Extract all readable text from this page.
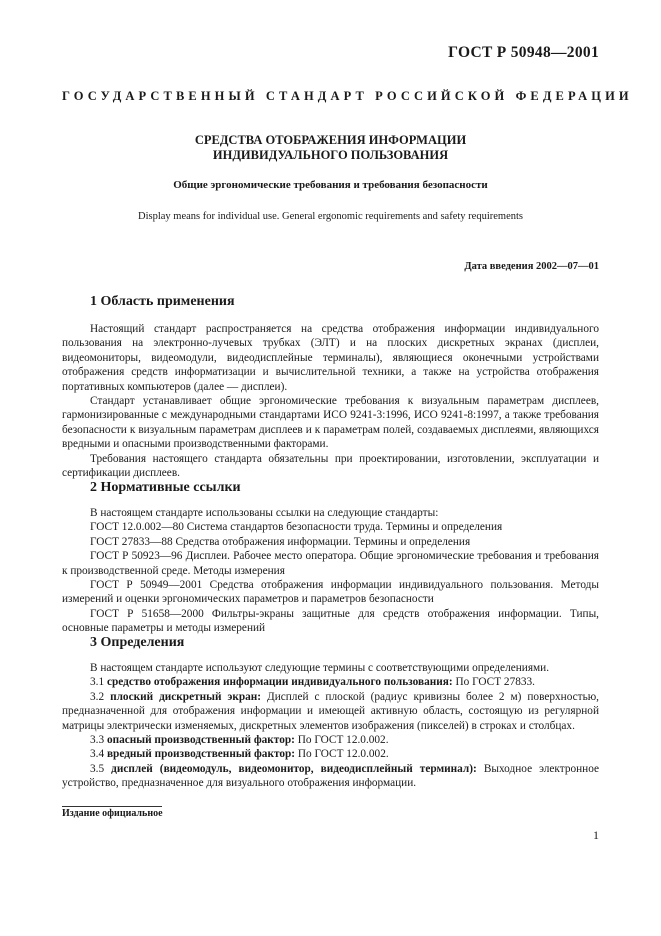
ГОСТ Р 50948—2001
ГОСУДАРСТВЕННЫЙ СТАНДАРТ РОССИЙСКОЙ ФЕДЕРАЦИИ
СРЕДСТВА ОТОБРАЖЕНИЯ ИНФОРМАЦИИ
ИНДИВИДУАЛЬНОГО ПОЛЬЗОВАНИЯ
Общие эргономические требования и требования безопасности
Display means for individual use. General ergonomic requirements and safety requirements
Дата введения 2002—07—01
1 Область применения

Настоящий стандарт распространяется на средства отображения информации индивидуального пользования на электронно-лучевых трубках (ЭЛТ) и на плоских дискретных экранах (дисплеи, видеомониторы, видеомодули, видеодисплейные терминалы), являющиеся оконечными устройствами отображения средств информатизации и вычислительной техники, а также на устройства отображения портативных компьютеров (далее — дисплеи).

Стандарт устанавливает общие эргономические требования к визуальным параметрам дисплеев, гармонизированные с международными стандартами ИСО 9241-3:1996, ИСО 9241-8:1997, а также требования безопасности к визуальным параметрам дисплеев и к параметрам полей, создаваемых дисплеями, являющихся вредными и опасными производственными факторами.

Требования настоящего стандарта обязательны при проектировании, изготовлении, эксплуатации и сертификации дисплеев.

2 Нормативные ссылки

В настоящем стандарте использованы ссылки на следующие стандарты:

ГОСТ 12.0.002—80 Система стандартов безопасности труда. Термины и определения

ГОСТ 27833—88 Средства отображения информации. Термины и определения

ГОСТ Р 50923—96 Дисплеи. Рабочее место оператора. Общие эргономические требования и требования к производственной среде. Методы измерения

ГОСТ Р 50949—2001 Средства отображения информации индивидуального пользования. Методы измерений и оценки эргономических параметров и параметров безопасности

ГОСТ Р 51658—2000 Фильтры-экраны защитные для средств отображения информации. Типы, основные параметры и методы измерений

3 Определения

В настоящем стандарте используют следующие термины с соответствующими определениями.

3.1 средство отображения информации индивидуального пользования: По ГОСТ 27833.

3.2 плоский дискретный экран: Дисплей с плоской (радиус кривизны более 2 м) поверхностью, предназначенной для отображения информации и имеющей активную область, состоящую из регулярной матрицы электрически изменяемых, дискретных элементов изображения (пикселей) в строках и столбцах.

3.3 опасный производственный фактор: По ГОСТ 12.0.002.

3.4 вредный производственный фактор: По ГОСТ 12.0.002.

3.5 дисплей (видеомодуль, видеомонитор, видеодисплейный терминал): Выходное электронное устройство, предназначенное для визуального отображения информации.

Издание официальное
1
